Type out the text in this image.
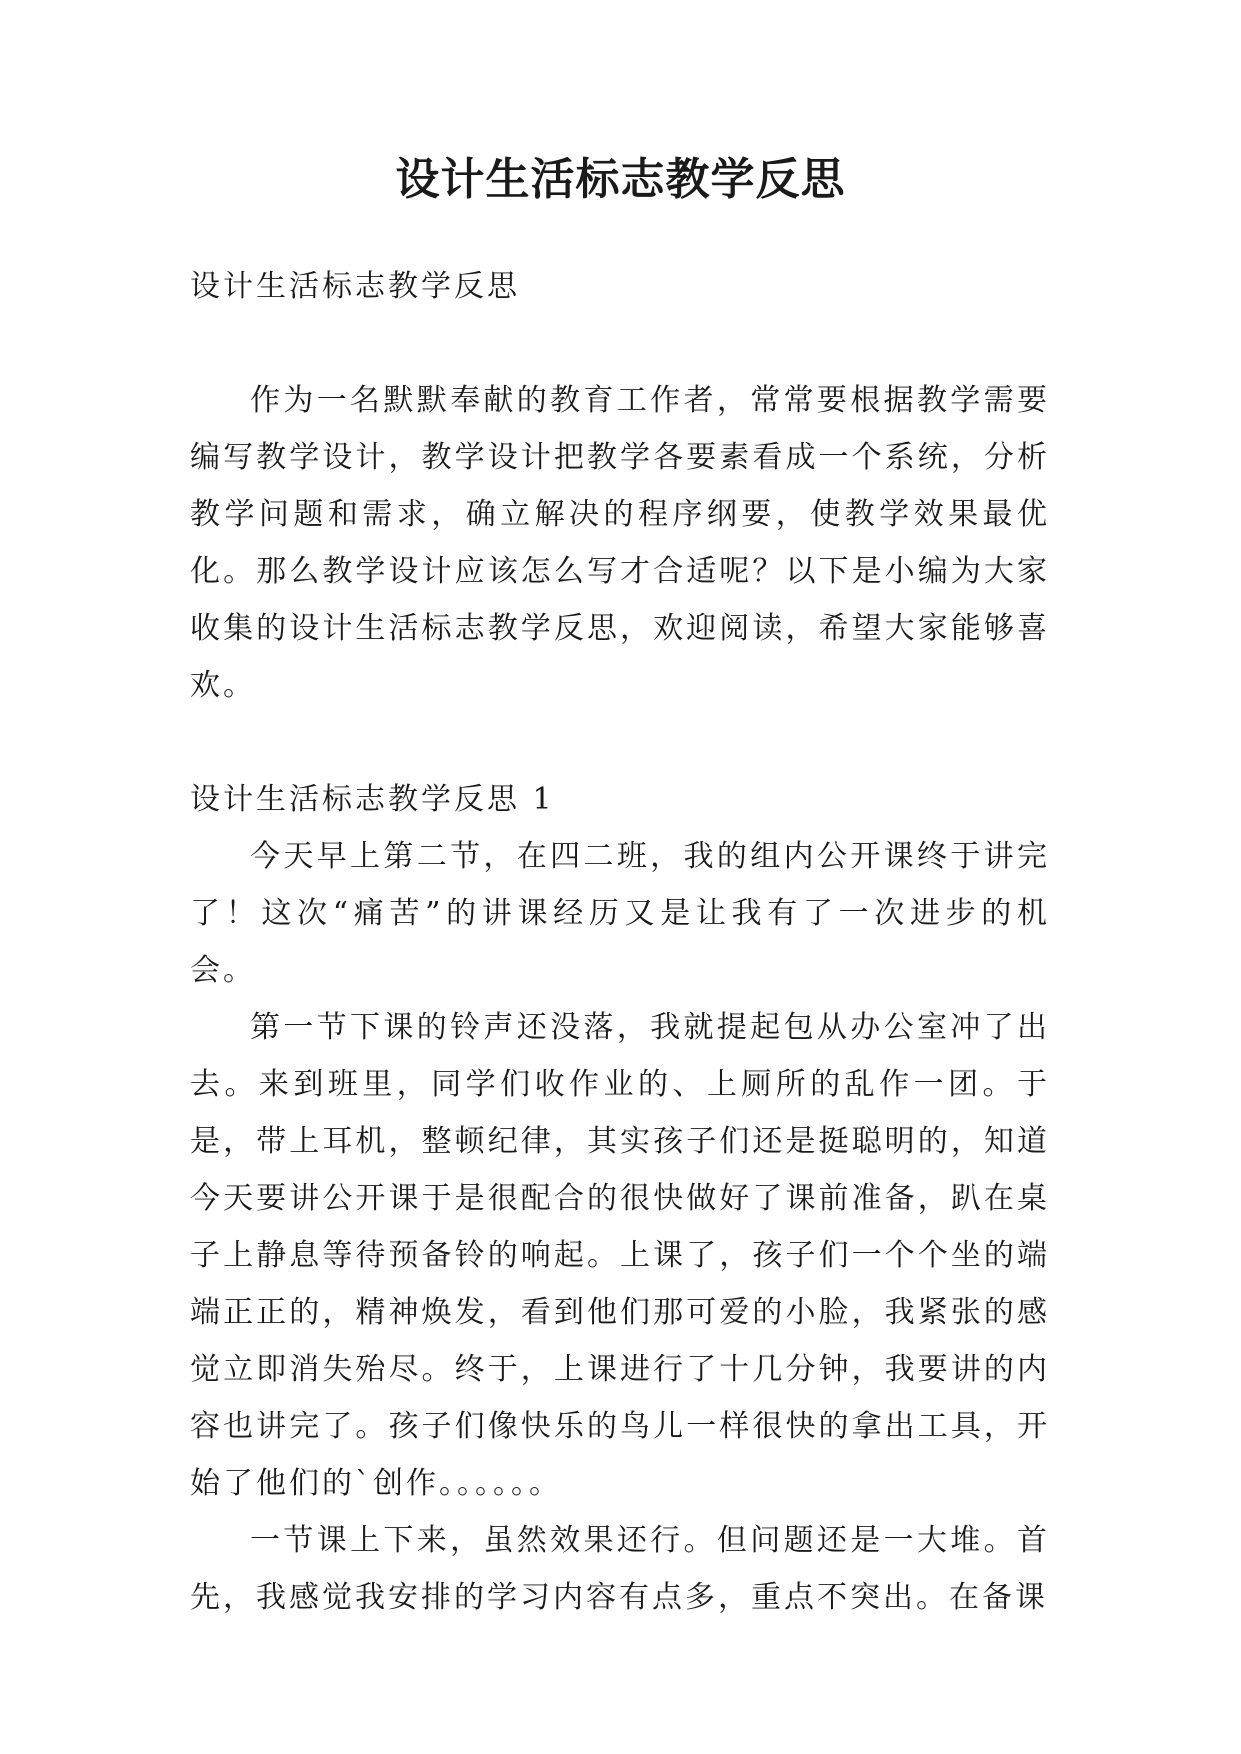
设计生活标志教学反思

设计生活标志教学反思

作为一名默默奉献的教育工作者，常常要根据教学需要编写教学设计，教学设计把教学各要素看成一个系统，分析教学问题和需求，确立解决的程序纲要，使教学效果最优化。那么教学设计应该怎么写才合适呢？以下是小编为大家收集的设计生活标志教学反思，欢迎阅读，希望大家能够喜欢。

设计生活标志教学反思 1

今天早上第二节，在四二班，我的组内公开课终于讲完了！这次“痛苦”的讲课经历又是让我有了一次进步的机会。

第一节下课的铃声还没落，我就提起包从办公室冲了出去。来到班里，同学们收作业的、上厕所的乱作一团。于是，带上耳机，整顿纪律，其实孩子们还是挺聪明的，知道今天要讲公开课于是很配合的很快做好了课前准备，趴在桌子上静息等待预备铃的响起。上课了，孩子们一个个坐的端端正正的，精神焕发，看到他们那可爱的小脸，我紧张的感觉立即消失殆尽。终于，上课进行了十几分钟，我要讲的内容也讲完了。孩子们像快乐的鸟儿一样很快的拿出工具，开始了他们的`创作。。。。。。

一节课上下来，虽然效果还行。但问题还是一大堆。首先，我感觉我安排的学习内容有点多，重点不突出。在备课
